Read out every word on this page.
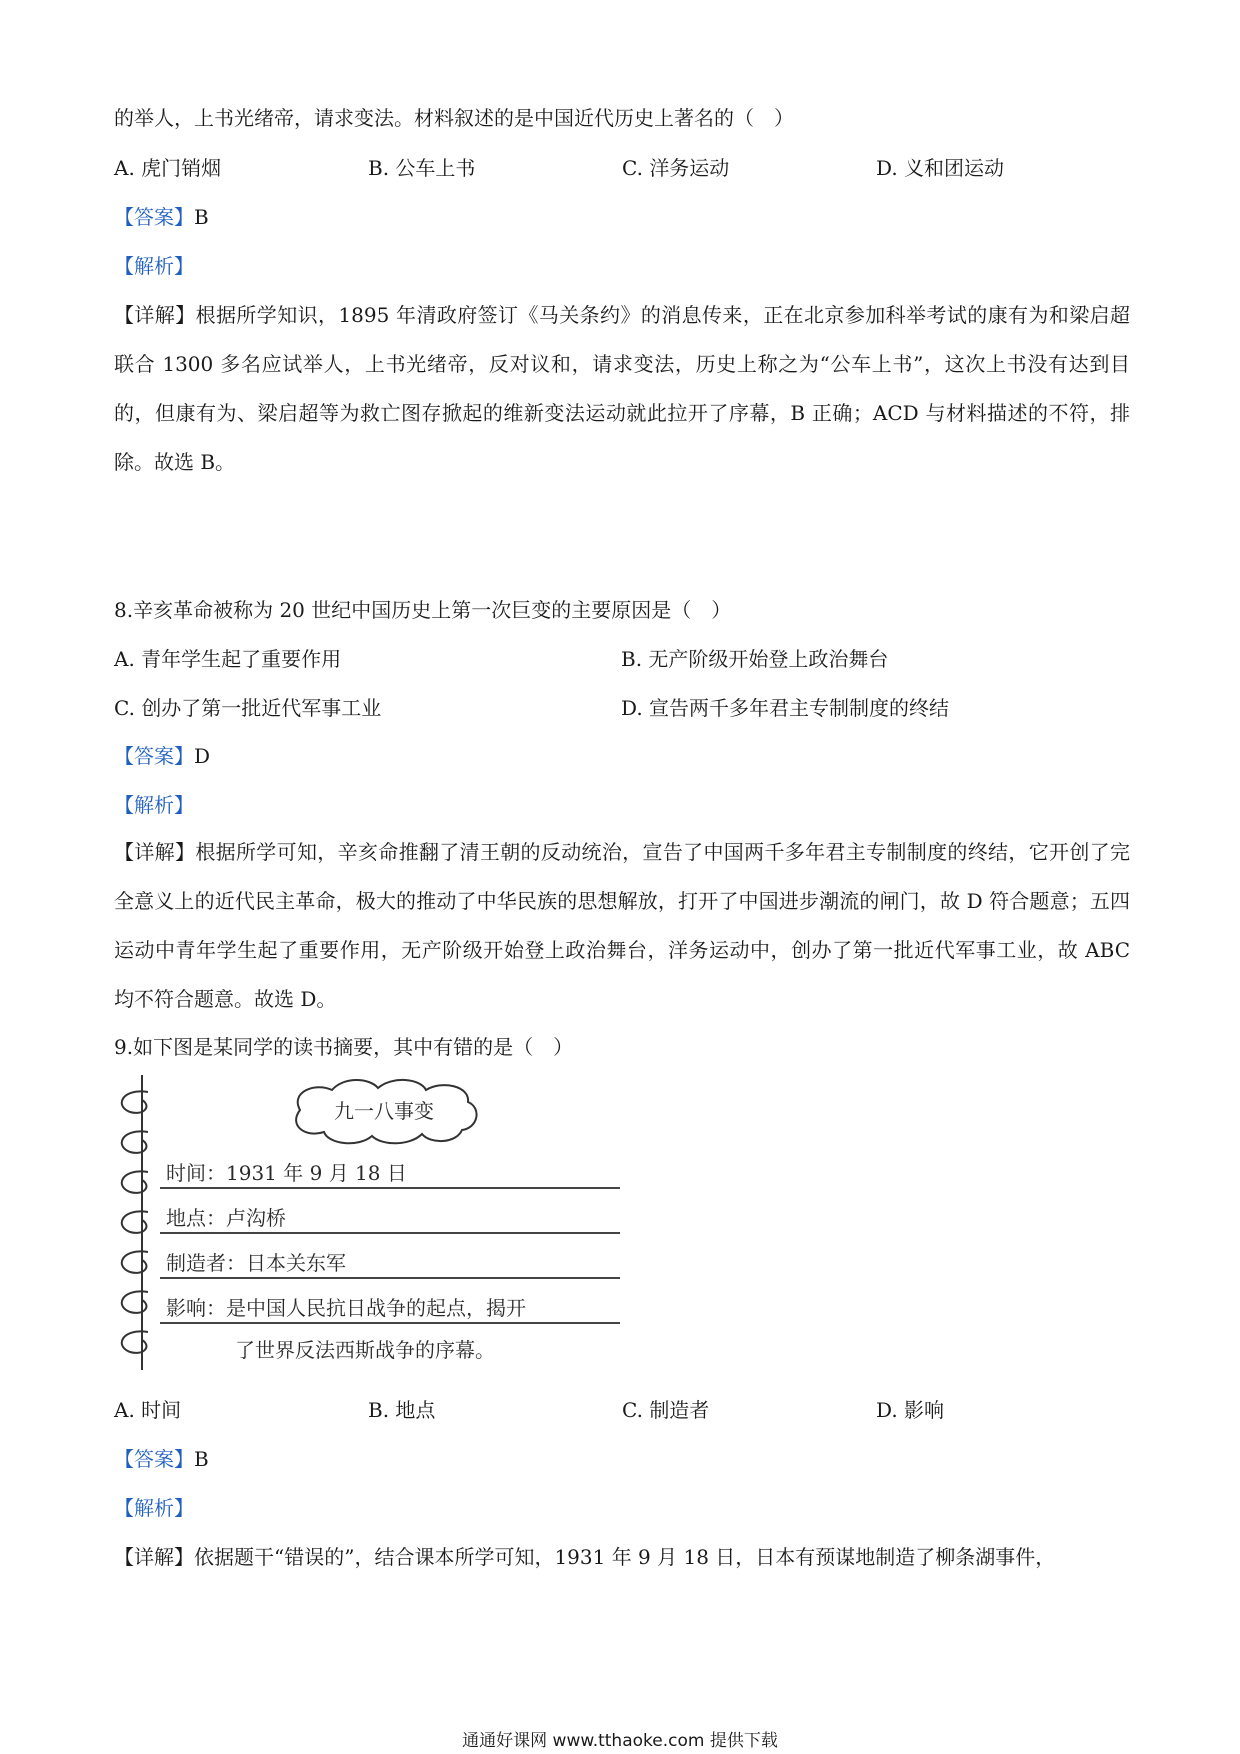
的举人，上书光绪帝，请求变法。材料叙述的是中国近代历史上著名的（　）
A. 虎门销烟	B. 公车上书	C. 洋务运动	D. 义和团运动
【答案】B
【解析】
【详解】根据所学知识，1895 年清政府签订《马关条约》的消息传来，正在北京参加科举考试的康有为和梁启超联合 1300 多名应试举人，上书光绪帝，反对议和，请求变法，历史上称之为“公车上书”，这次上书没有达到目的，但康有为、梁启超等为救亡图存掀起的维新变法运动就此拉开了序幕，B 正确；ACD 与材料描述的不符，排除。故选 B。
8.辛亥革命被称为 20 世纪中国历史上第一次巨变的主要原因是（　）
A. 青年学生起了重要作用	B. 无产阶级开始登上政治舞台
C. 创办了第一批近代军事工业	D. 宣告两千多年君主专制制度的终结
【答案】D
【解析】
【详解】根据所学可知，辛亥命推翻了清王朝的反动统治，宣告了中国两千多年君主专制制度的终结，它开创了完全意义上的近代民主革命，极大的推动了中华民族的思想解放，打开了中国进步潮流的闸门，故 D 符合题意；五四运动中青年学生起了重要作用，无产阶级开始登上政治舞台，洋务运动中，创办了第一批近代军事工业，故 ABC 均不符合题意。故选 D。
9.如下图是某同学的读书摘要，其中有错的是（　）
九一八事变
时间：1931 年 9 月 18 日
地点：卢沟桥
制造者：日本关东军
影响：是中国人民抗日战争的起点，揭开
了世界反法西斯战争的序幕。
A. 时间	B. 地点	C. 制造者	D. 影响
【答案】B
【解析】
【详解】依据题干“错误的”，结合课本所学可知，1931 年 9 月 18 日，日本有预谋地制造了柳条湖事件，
通通好课网 www.tthaoke.com 提供下载
